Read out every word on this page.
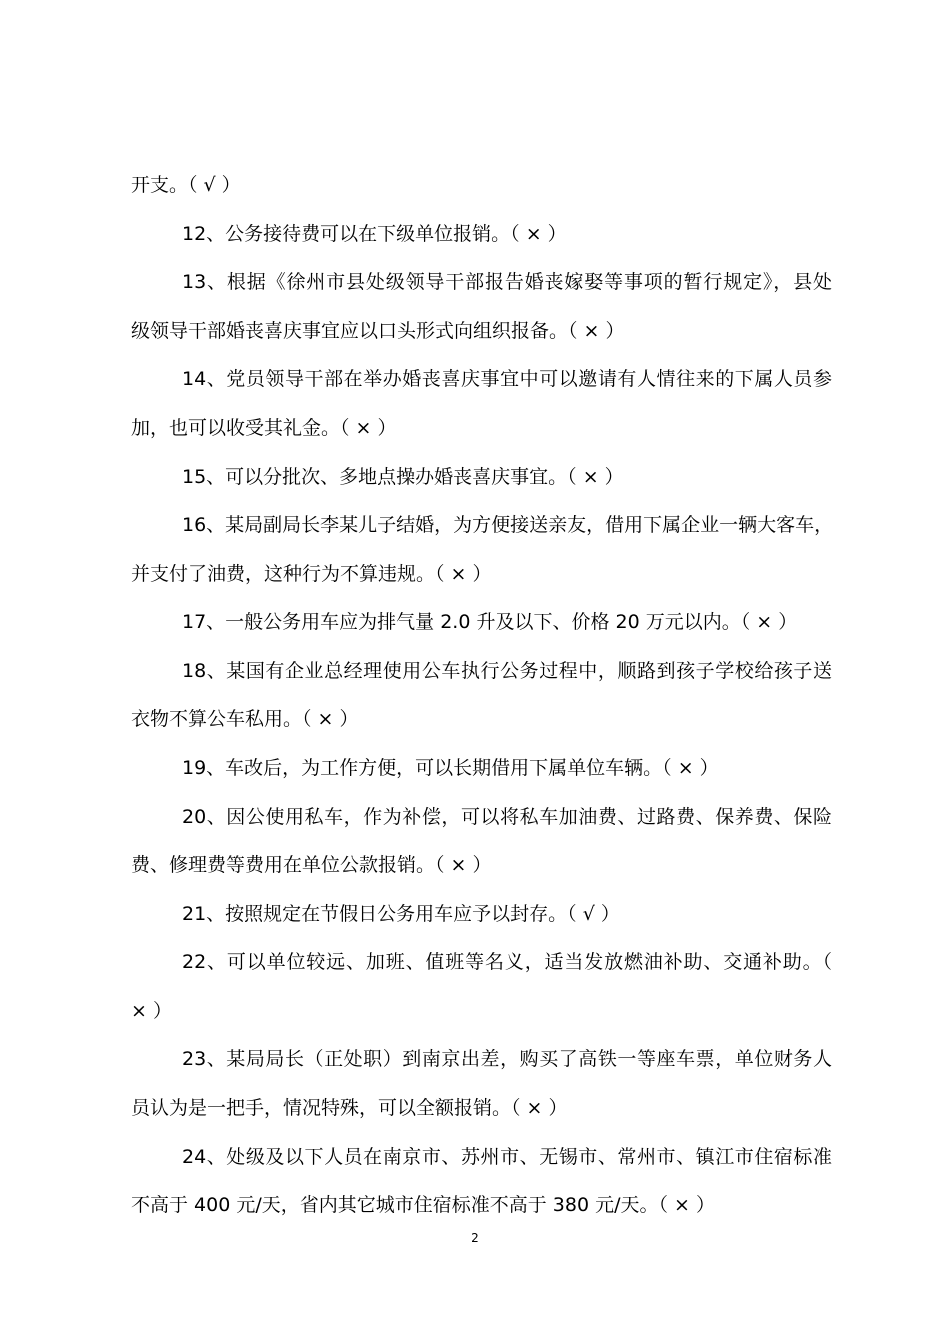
开支。（ √ ）
12、公务接待费可以在下级单位报销。（ × ）
13、根据《徐州市县处级领导干部报告婚丧嫁娶等事项的暂行规定》，县处
级领导干部婚丧喜庆事宜应以口头形式向组织报备。（ × ）
14、党员领导干部在举办婚丧喜庆事宜中可以邀请有人情往来的下属人员参
加，也可以收受其礼金。（ × ）
15、可以分批次、多地点操办婚丧喜庆事宜。（ × ）
16、某局副局长李某儿子结婚，为方便接送亲友，借用下属企业一辆大客车，
并支付了油费，这种行为不算违规。（ × ）
17、一般公务用车应为排气量 2.0 升及以下、价格 20 万元以内。（ × ）
18、某国有企业总经理使用公车执行公务过程中，顺路到孩子学校给孩子送
衣物不算公车私用。（ × ）
19、车改后，为工作方便，可以长期借用下属单位车辆。（ × ）
20、因公使用私车，作为补偿，可以将私车加油费、过路费、保养费、保险
费、修理费等费用在单位公款报销。（ × ）
21、按照规定在节假日公务用车应予以封存。（ √ ）
22、可以单位较远、加班、值班等名义，适当发放燃油补助、交通补助。（
× ）
23、某局局长（正处职）到南京出差，购买了高铁一等座车票，单位财务人
员认为是一把手，情况特殊，可以全额报销。（ × ）
24、处级及以下人员在南京市、苏州市、无锡市、常州市、镇江市住宿标准
不高于 400 元/天，省内其它城市住宿标准不高于 380 元/天。（ × ）
2
